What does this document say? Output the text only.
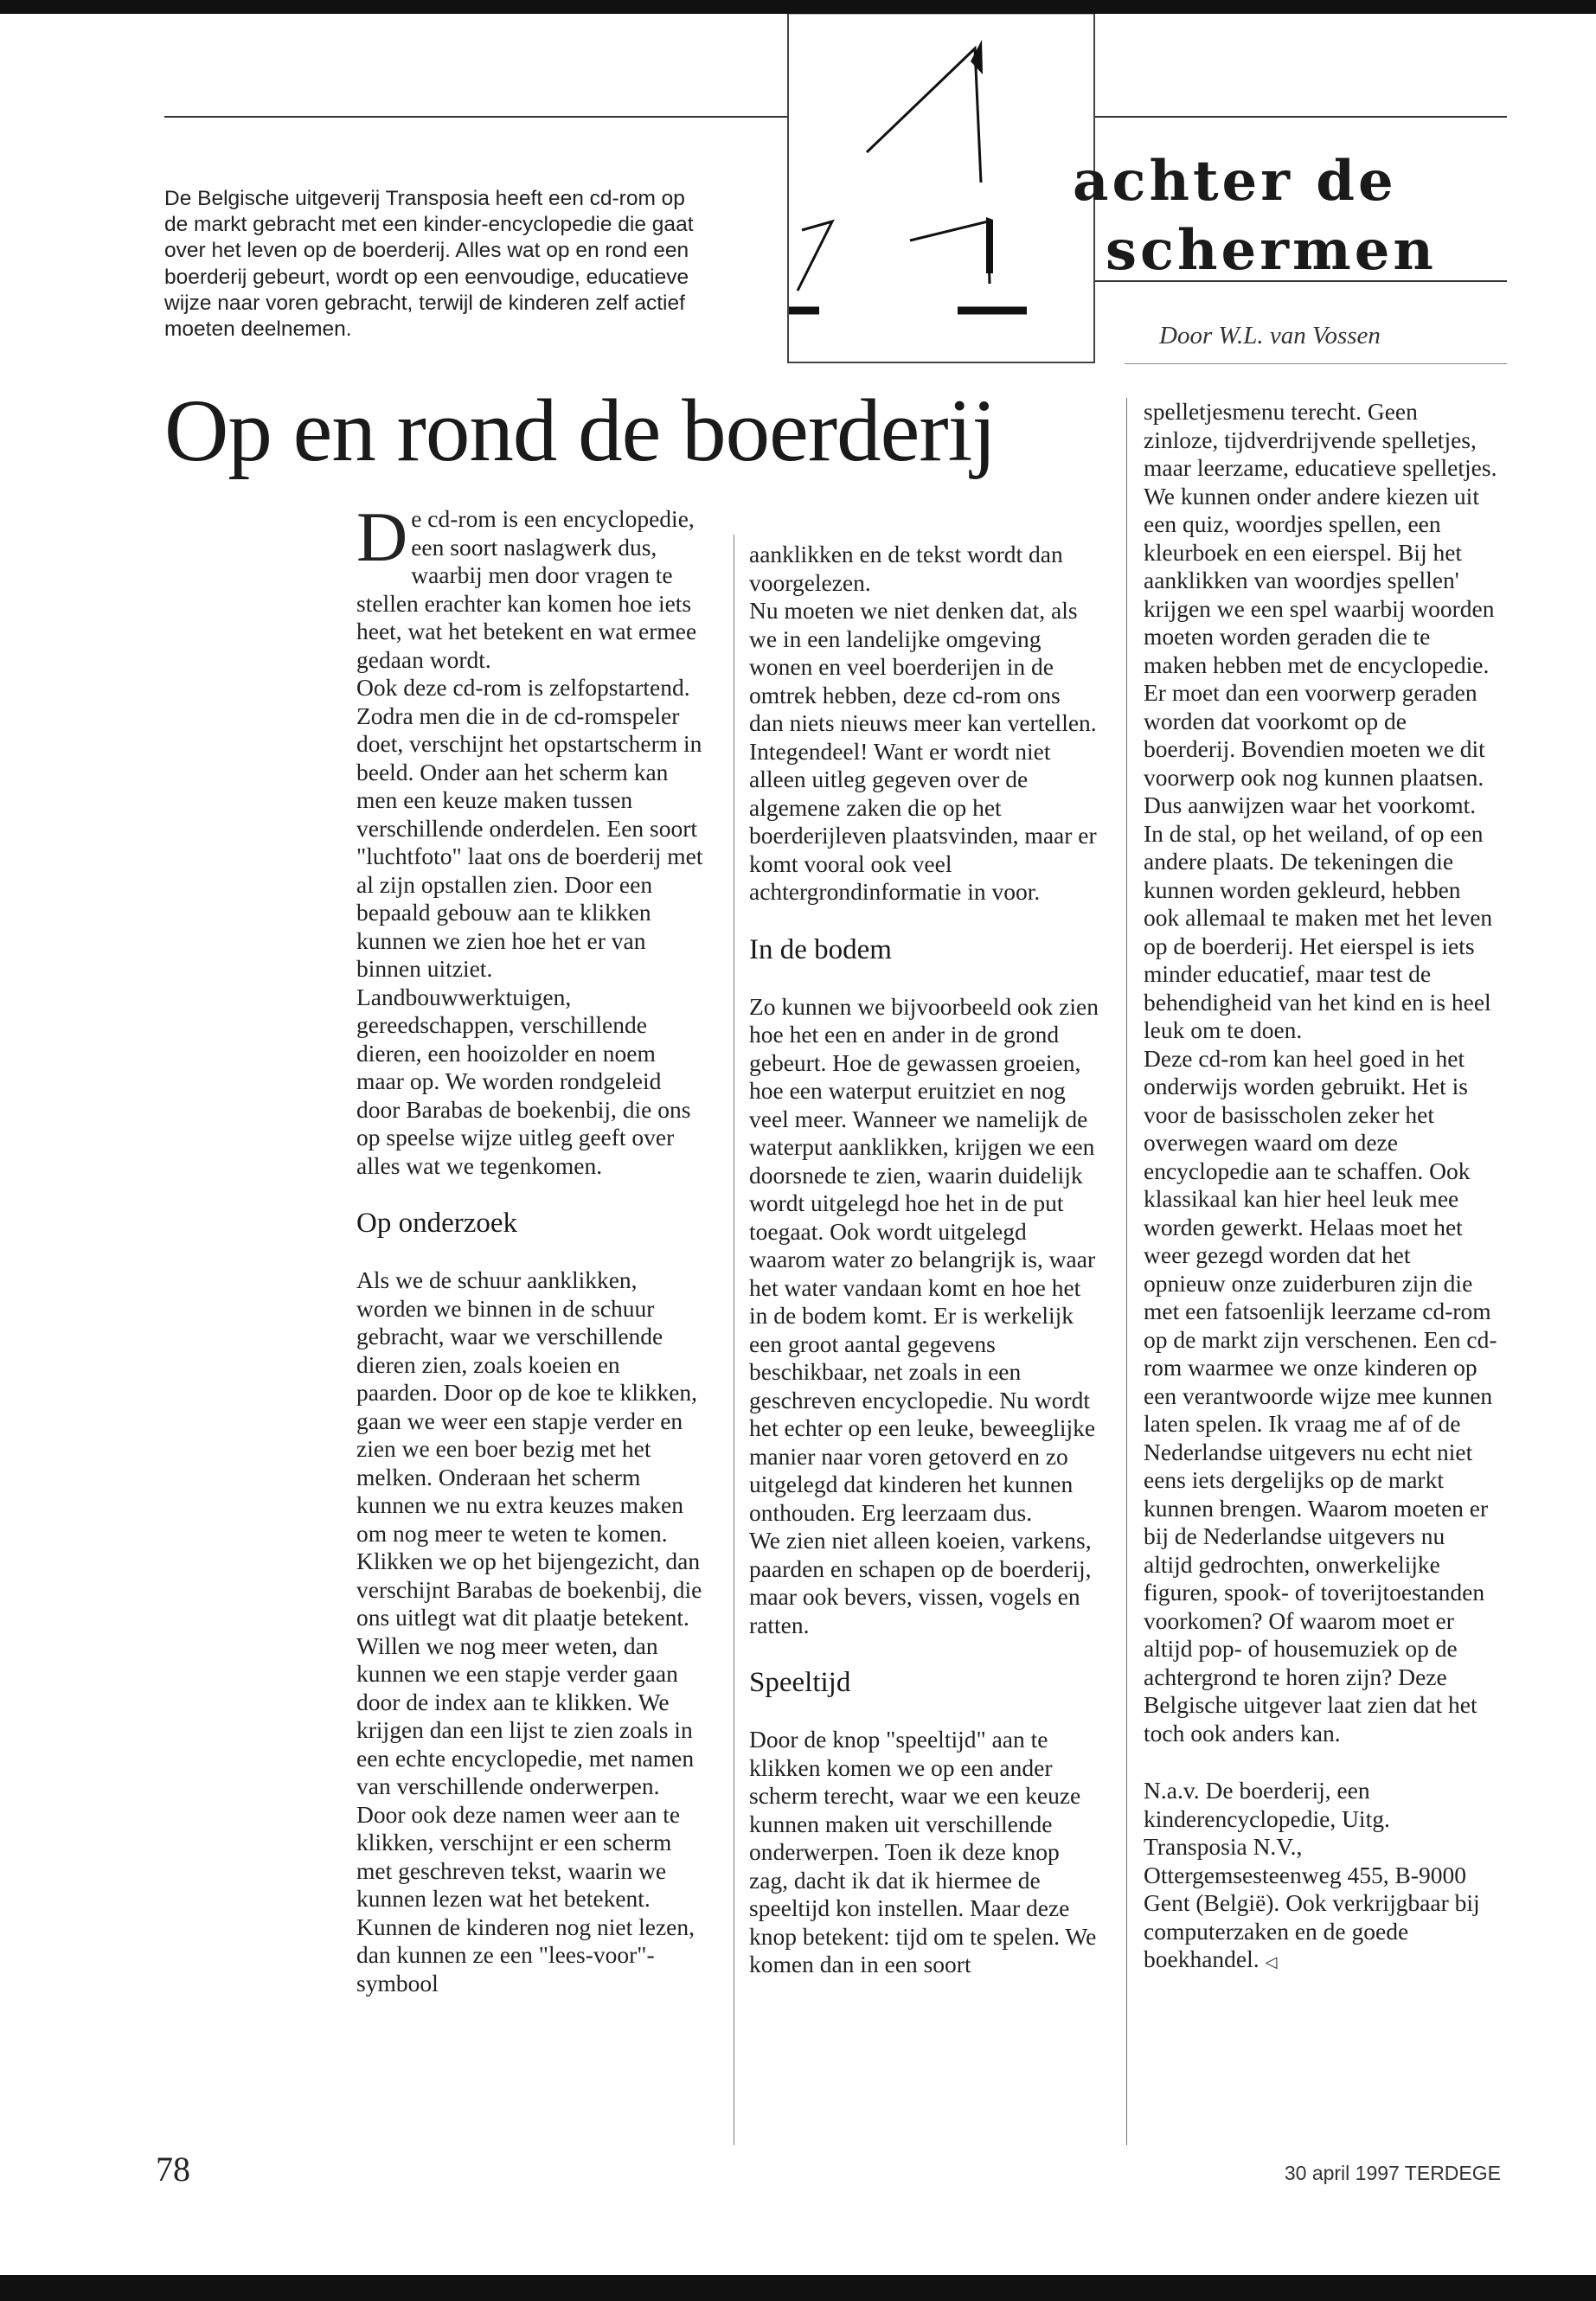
achter de
schermen
Door W.L. van Vossen
De Belgische uitgeverij Transposia heeft een cd-rom op de markt gebracht met een kinder-encyclopedie die gaat over het leven op de boerderij. Alles wat op en rond een boerderij gebeurt, wordt op een eenvoudige, educatieve wijze naar voren gebracht, terwijl de kinderen zelf actief moeten deelnemen.
Op en rond de boerderij

De cd-rom is een encyclopedie, een soort naslagwerk dus, waarbij men door vragen te stellen erachter kan komen hoe iets heet, wat het betekent en wat ermee gedaan wordt.

Ook deze cd-rom is zelfopstartend. Zodra men die in de cd-romspeler doet, verschijnt het opstartscherm in beeld. Onder aan het scherm kan men een keuze maken tussen verschillende onderdelen. Een soort "luchtfoto" laat ons de boerderij met al zijn opstallen zien. Door een bepaald gebouw aan te klikken kunnen we zien hoe het er van binnen uitziet. Landbouwwerktuigen, gereedschappen, verschillende dieren, een hooizolder en noem maar op. We worden rondgeleid door Barabas de boekenbij, die ons op speelse wijze uitleg geeft over alles wat we tegenkomen.

Op onderzoek

Als we de schuur aanklikken, worden we binnen in de schuur gebracht, waar we verschillende dieren zien, zoals koeien en paarden. Door op de koe te klikken, gaan we weer een stapje verder en zien we een boer bezig met het melken. Onderaan het scherm kunnen we nu extra keuzes maken om nog meer te weten te komen. Klikken we op het bijengezicht, dan verschijnt Barabas de boekenbij, die ons uitlegt wat dit plaatje betekent. Willen we nog meer weten, dan kunnen we een stapje verder gaan door de index aan te klikken. We krijgen dan een lijst te zien zoals in een echte encyclopedie, met namen van verschillende onderwerpen. Door ook deze namen weer aan te klikken, verschijnt er een scherm met geschreven tekst, waarin we kunnen lezen wat het betekent. Kunnen de kinderen nog niet lezen, dan kunnen ze een "lees-voor"-symbool

aanklikken en de tekst wordt dan voorgelezen.

Nu moeten we niet denken dat, als we in een landelijke omgeving wonen en veel boerderijen in de omtrek hebben, deze cd-rom ons dan niets nieuws meer kan vertellen. Integendeel! Want er wordt niet alleen uitleg gegeven over de algemene zaken die op het boerderijleven plaatsvinden, maar er komt vooral ook veel achtergrondinformatie in voor.

In de bodem

Zo kunnen we bijvoorbeeld ook zien hoe het een en ander in de grond gebeurt. Hoe de gewassen groeien, hoe een waterput eruitziet en nog veel meer. Wanneer we namelijk de waterput aanklikken, krijgen we een doorsnede te zien, waarin duidelijk wordt uitgelegd hoe het in de put toegaat. Ook wordt uitgelegd waarom water zo belangrijk is, waar het water vandaan komt en hoe het in de bodem komt. Er is werkelijk een groot aantal gegevens beschikbaar, net zoals in een geschreven encyclopedie. Nu wordt het echter op een leuke, beweeglijke manier naar voren getoverd en zo uitgelegd dat kinderen het kunnen onthouden. Erg leerzaam dus.

We zien niet alleen koeien, varkens, paarden en schapen op de boerderij, maar ook bevers, vissen, vogels en ratten.

Speeltijd

Door de knop "speeltijd" aan te klikken komen we op een ander scherm terecht, waar we een keuze kunnen maken uit verschillende onderwerpen. Toen ik deze knop zag, dacht ik dat ik hiermee de speeltijd kon instellen. Maar deze knop betekent: tijd om te spelen. We komen dan in een soort

spelletjesmenu terecht. Geen zinloze, tijdverdrijvende spelletjes, maar leerzame, educatieve spelletjes. We kunnen onder andere kiezen uit een quiz, woordjes spellen, een kleurboek en een eierspel. Bij het aanklikken van woordjes spellen' krijgen we een spel waarbij woorden moeten worden geraden die te maken hebben met de encyclopedie. Er moet dan een voorwerp geraden worden dat voorkomt op de boerderij. Bovendien moeten we dit voorwerp ook nog kunnen plaatsen. Dus aanwijzen waar het voorkomt. In de stal, op het weiland, of op een andere plaats. De tekeningen die kunnen worden gekleurd, hebben ook allemaal te maken met het leven op de boerderij. Het eierspel is iets minder educatief, maar test de behendigheid van het kind en is heel leuk om te doen.

Deze cd-rom kan heel goed in het onderwijs worden gebruikt. Het is voor de basisscholen zeker het overwegen waard om deze encyclopedie aan te schaffen. Ook klassikaal kan hier heel leuk mee worden gewerkt. Helaas moet het weer gezegd worden dat het opnieuw onze zuiderburen zijn die met een fatsoenlijk leerzame cd-rom op de markt zijn verschenen. Een cd-rom waarmee we onze kinderen op een verantwoorde wijze mee kunnen laten spelen. Ik vraag me af of de Nederlandse uitgevers nu echt niet eens iets dergelijks op de markt kunnen brengen. Waarom moeten er bij de Nederlandse uitgevers nu altijd gedrochten, onwerkelijke figuren, spook- of toverijtoestanden voorkomen? Of waarom moet er altijd pop- of housemuziek op de achtergrond te horen zijn? Deze Belgische uitgever laat zien dat het toch ook anders kan.

N.a.v. De boerderij, een kinderencyclopedie, Uitg. Transposia N.V., Ottergemsesteenweg 455, B-9000 Gent (België). Ook verkrijgbaar bij computerzaken en de goede boekhandel. ◁

78	30 april 1997 TERDEGE
